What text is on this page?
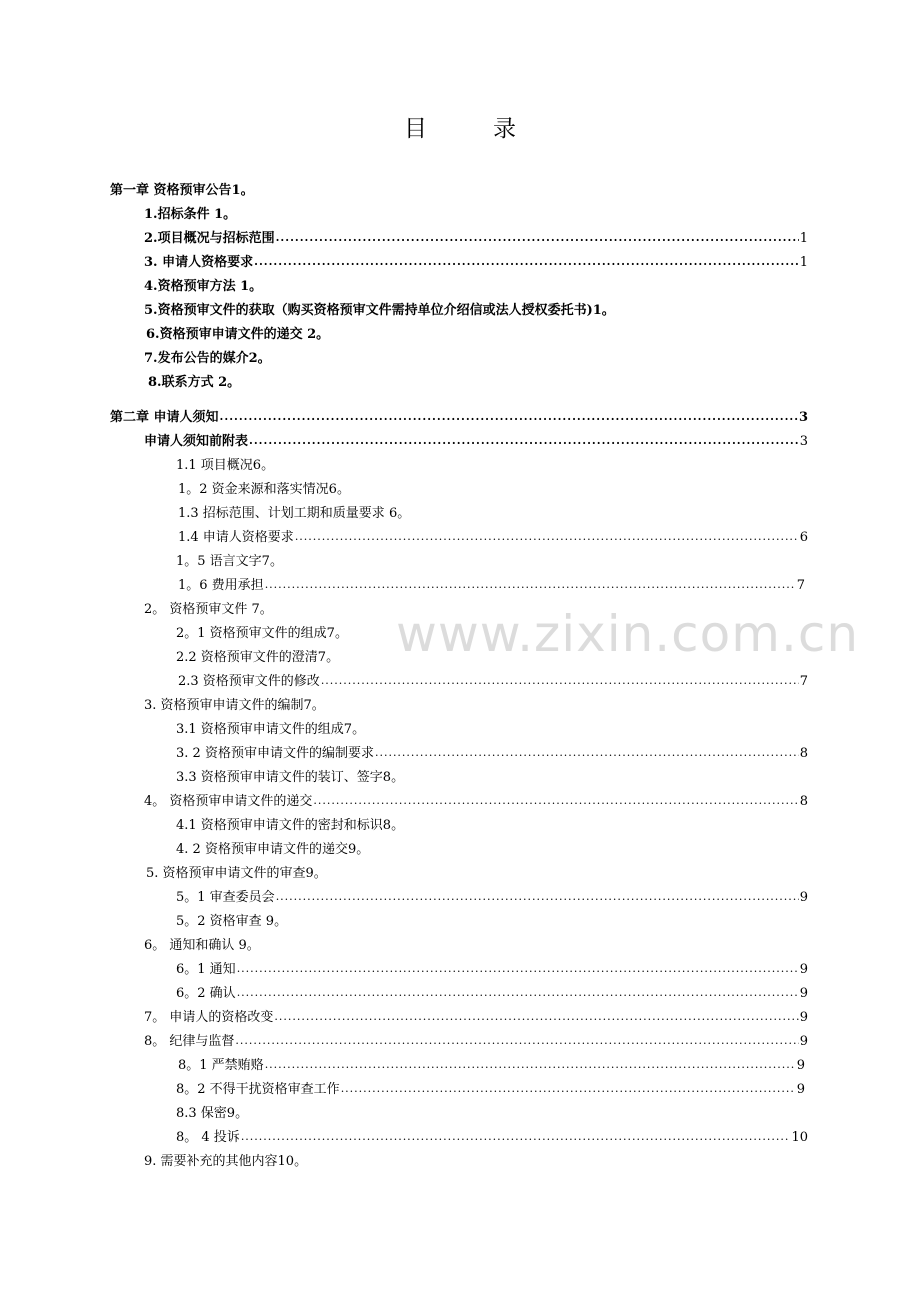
目	录
www.zixin.com.cn
第一章 资格预审公告1。
1.招标条件 1。
2.项目概况与招标范围 .....	1
3. 申请人资格要求 .....	1
4.资格预审方法 1。
5.资格预审文件的获取（购买资格预审文件需持单位介绍信或法人授权委托书)1。
6.资格预审申请文件的递交 2。
7.发布公告的媒介2。
8.联系方式 2。
第二章 申请人须知 .....	3
申请人须知前附表 .....	3
1.1 项目概况6。
1。2 资金来源和落实情况6。
1.3 招标范围、计划工期和质量要求 6。
1.4 申请人资格要求 .....	6
1。5 语言文字7。
1。6 费用承担 .....	7
2。 资格预审文件 7。
2。1 资格预审文件的组成7。
2.2 资格预审文件的澄清7。
2.3 资格预审文件的修改 .....	7
3. 资格预审申请文件的编制7。
3.1 资格预审申请文件的组成7。
3. 2 资格预审申请文件的编制要求 .....	8
3.3 资格预审申请文件的装订、签字8。
4。 资格预审申请文件的递交 .....	8
4.1 资格预审申请文件的密封和标识8。
4. 2 资格预审申请文件的递交9。
5. 资格预审申请文件的审查9。
5。1 审查委员会 .....	9
5。2 资格审查 9。
6。 通知和确认 9。
6。1 通知 .....	9
6。2 确认 .....	9
7。 申请人的资格改变 .....	9
8。 纪律与监督 .....	9
8。1 严禁贿赂 .....	9
8。2 不得干扰资格审查工作 .....	9
8.3 保密9。
8。 4 投诉 .....	10
9. 需要补充的其他内容10。
